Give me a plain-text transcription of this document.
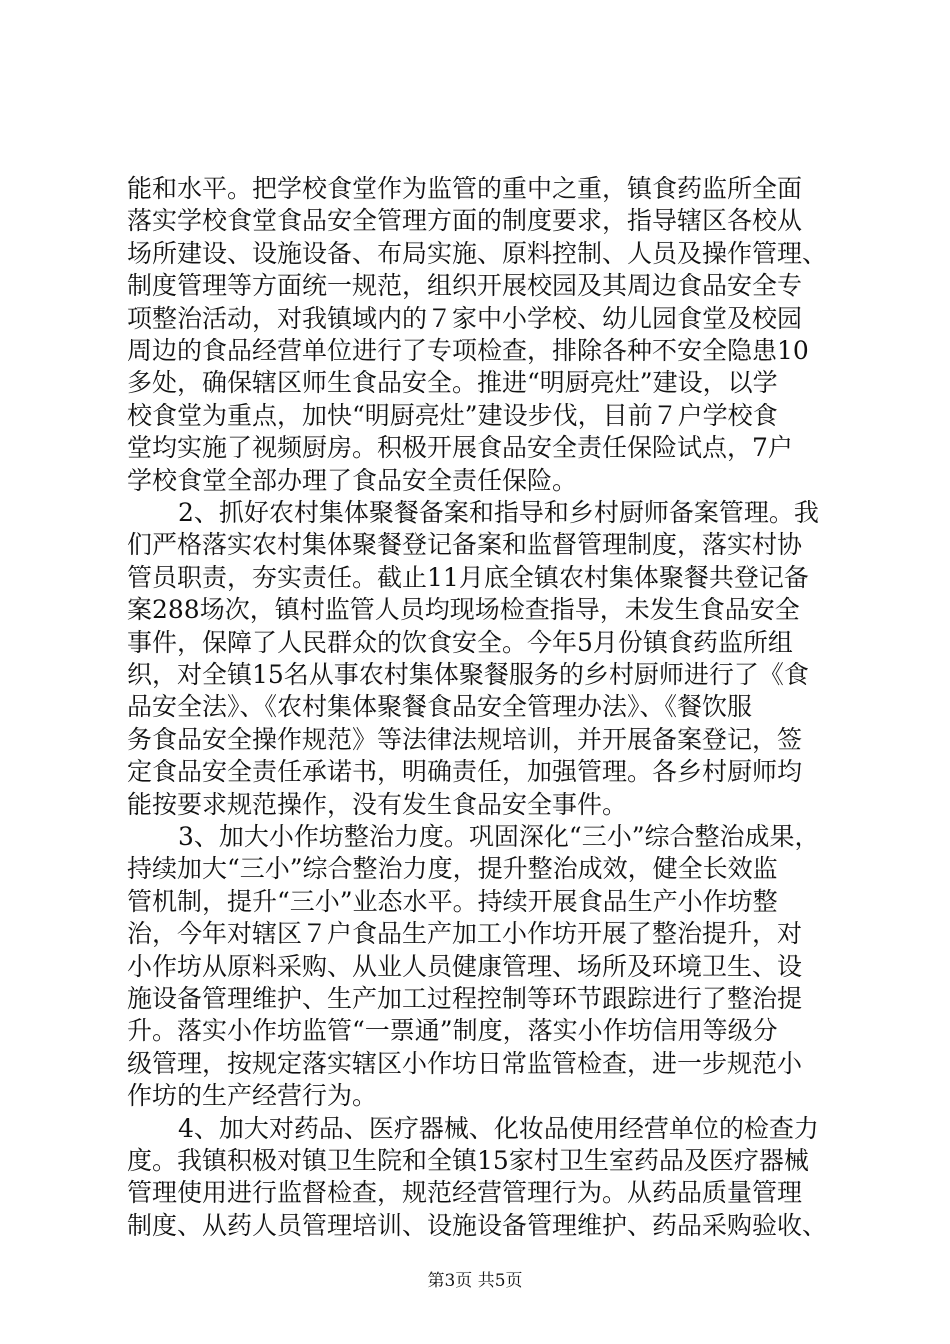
能和水平。把学校食堂作为监管的重中之重，镇食药监所全面
落实学校食堂食品安全管理方面的制度要求，指导辖区各校从
场所建设、设施设备、布局实施、原料控制、人员及操作管理、
制度管理等方面统一规范，组织开展校园及其周边食品安全专
项整治活动，对我镇域内的７家中小学校、幼儿园食堂及校园
周边的食品经营单位进行了专项检查，排除各种不安全隐患10
多处，确保辖区师生食品安全。推进“明厨亮灶”建设，以学
校食堂为重点，加快“明厨亮灶”建设步伐，目前７户学校食
堂均实施了视频厨房。积极开展食品安全责任保险试点，7户
学校食堂全部办理了食品安全责任保险。
2、抓好农村集体聚餐备案和指导和乡村厨师备案管理。我
们严格落实农村集体聚餐登记备案和监督管理制度，落实村协
管员职责，夯实责任。截止11月底全镇农村集体聚餐共登记备
案288场次，镇村监管人员均现场检查指导，未发生食品安全
事件，保障了人民群众的饮食安全。今年5月份镇食药监所组
织，对全镇15名从事农村集体聚餐服务的乡村厨师进行了《食
品安全法》、《农村集体聚餐食品安全管理办法》、《餐饮服
务食品安全操作规范》等法律法规培训，并开展备案登记，签
定食品安全责任承诺书，明确责任，加强管理。各乡村厨师均
能按要求规范操作，没有发生食品安全事件。
3、加大小作坊整治力度。巩固深化“三小”综合整治成果，
持续加大“三小”综合整治力度，提升整治成效，健全长效监
管机制，提升“三小”业态水平。持续开展食品生产小作坊整
治，今年对辖区７户食品生产加工小作坊开展了整治提升，对
小作坊从原料采购、从业人员健康管理、场所及环境卫生、设
施设备管理维护、生产加工过程控制等环节跟踪进行了整治提
升。落实小作坊监管“一票通”制度，落实小作坊信用等级分
级管理，按规定落实辖区小作坊日常监管检查，进一步规范小
作坊的生产经营行为。
4、加大对药品、医疗器械、化妆品使用经营单位的检查力
度。我镇积极对镇卫生院和全镇15家村卫生室药品及医疗器械
管理使用进行监督检查，规范经营管理行为。从药品质量管理
制度、从药人员管理培训、设施设备管理维护、药品采购验收、
第3页 共5页
